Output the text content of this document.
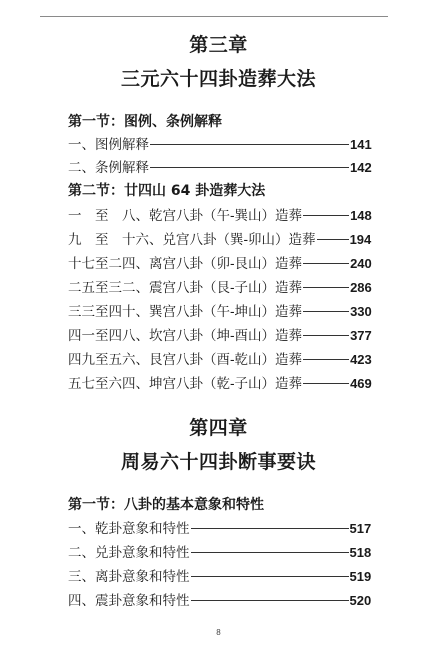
第三章
三元六十四卦造葬大法
第一节：图例、条例解释
一、图例解释	141
二、条例解释	142
第二节：廿四山 64 卦造葬大法
一　至　八、乾宫八卦（午-巽山）造葬	148
九　至　十六、兑宫八卦（巽-卯山）造葬	194
十七至二四、离宫八卦（卯-艮山）造葬	240
二五至三二、震宫八卦（艮-子山）造葬	286
三三至四十、巽宫八卦（午-坤山）造葬	330
四一至四八、坎宫八卦（坤-酉山）造葬	377
四九至五六、艮宫八卦（酉-乾山）造葬	423
五七至六四、坤宫八卦（乾-子山）造葬	469
第四章
周易六十四卦断事要诀
第一节：八卦的基本意象和特性
一、乾卦意象和特性	517
二、兑卦意象和特性	518
三、离卦意象和特性	519
四、震卦意象和特性	520
8
